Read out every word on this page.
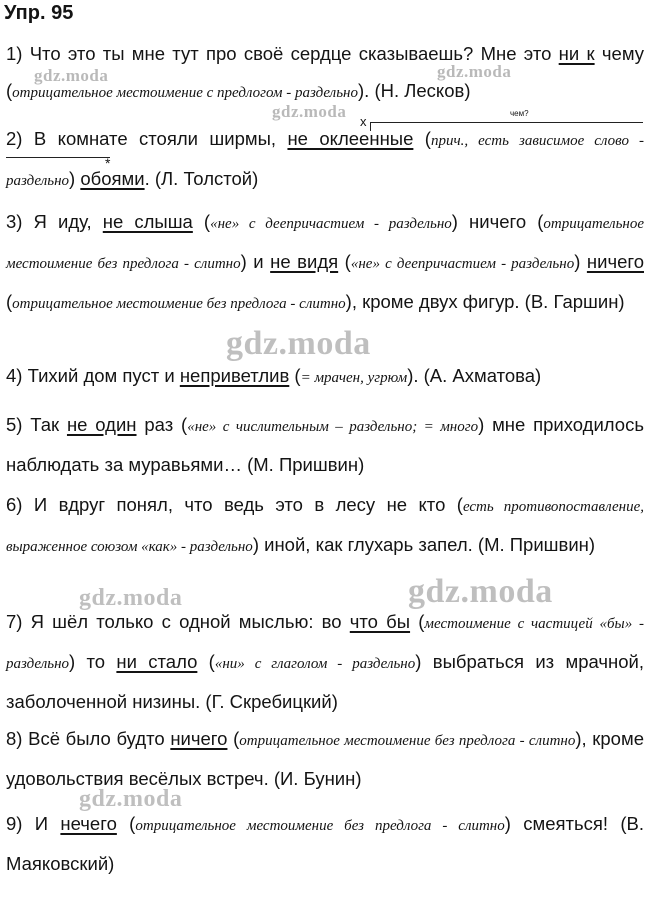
Упр. 95
1) Что это ты мне тут про своё сердце сказываешь? Мне это ни к чему (отрицательное местоимение с предлогом - раздельно). (Н. Лесков)
2) В комнате стояли ширмы, не оклеенные (прич., есть зависимое слово - раздельно) обоями. (Л. Толстой)
x
чем?
*
3) Я иду, не слыша («не» с деепричастием - раздельно) ничего (отрицательное местоимение без предлога - слитно) и не видя («не» с деепричастием - раздельно) ничего (отрицательное местоимение без предлога - слитно), кроме двух фигур. (В. Гаршин)
4) Тихий дом пуст и неприветлив (= мрачен, угрюм). (А. Ахматова)
5) Так не один раз («не» с числительным – раздельно; = много) мне приходилось наблюдать за муравьями… (М. Пришвин)
6) И вдруг понял, что ведь это в лесу не кто (есть противопоставление, выраженное союзом «как» - раздельно) иной, как глухарь запел. (М. Пришвин)
7) Я шёл только с одной мыслью: во что бы (местоимение с частицей «бы» - раздельно) то ни стало («ни» с глаголом - раздельно) выбраться из мрачной, заболоченной низины. (Г. Скребицкий)
8) Всё было будто ничего (отрицательное местоимение без предлога - слитно), кроме удовольствия весёлых встреч. (И. Бунин)
9) И нечего (отрицательное местоимение без предлога - слитно) смеяться! (В. Маяковский)
gdz.moda	gdz.moda
gdz.moda
gdz.moda
gdz.moda	gdz.moda
gdz.moda
